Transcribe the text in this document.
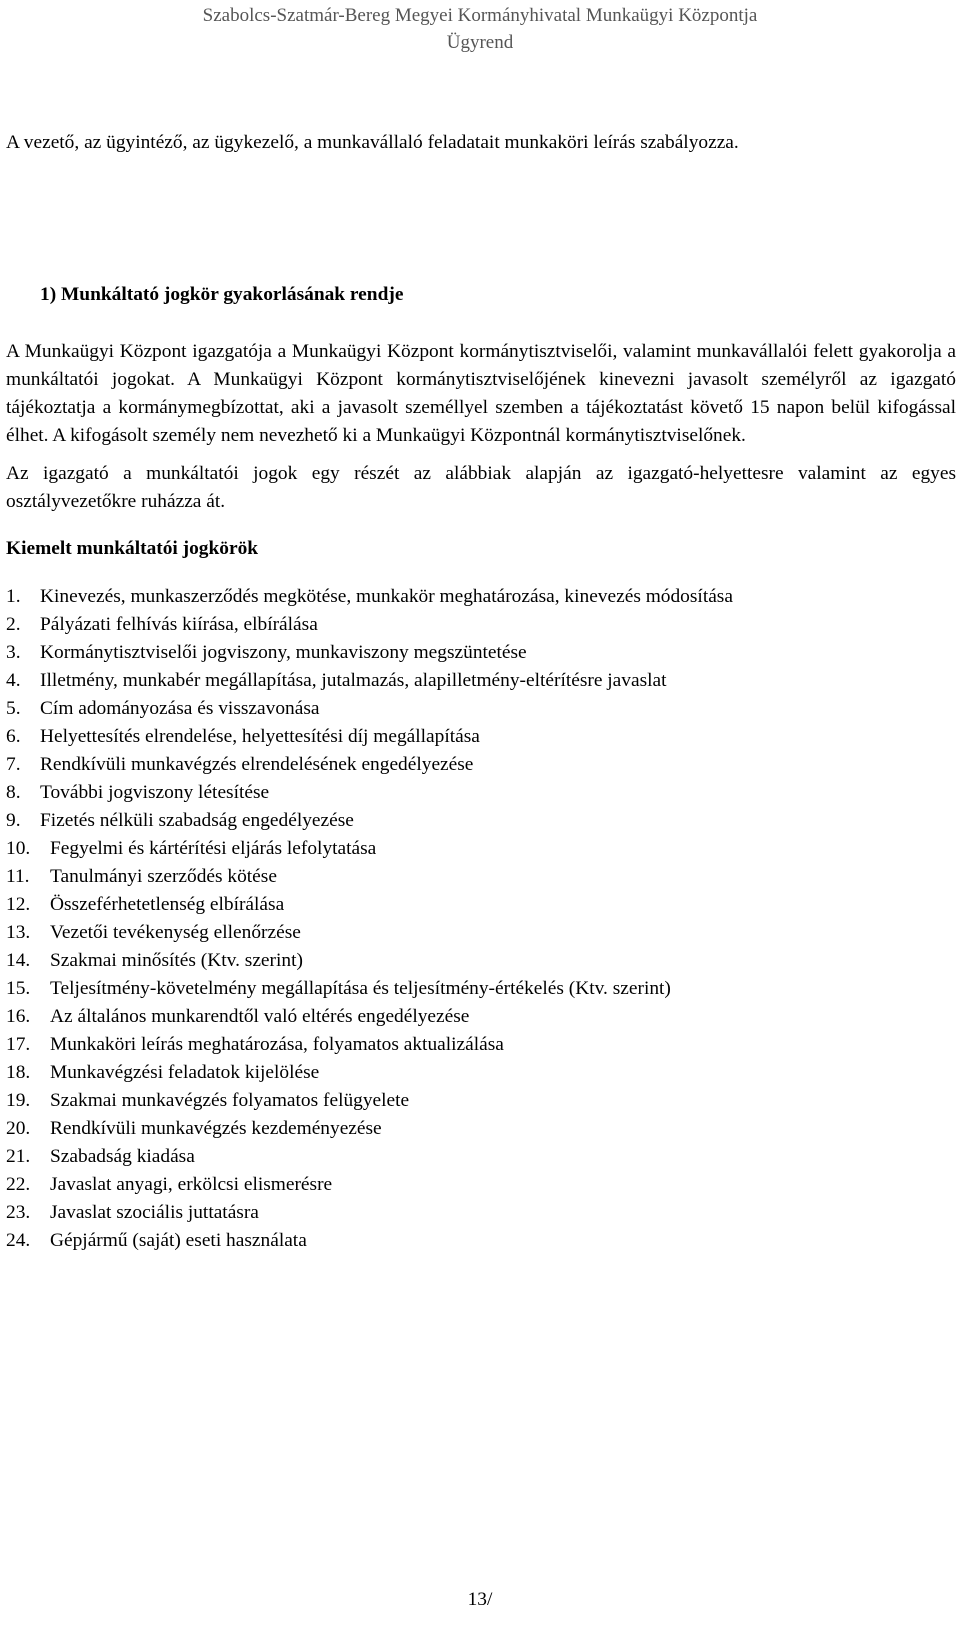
Szabolcs-Szatmár-Bereg Megyei Kormányhivatal Munkaügyi Központja
Ügyrend

A vezető, az ügyintéző, az ügykezelő, a munkavállaló feladatait munkaköri leírás szabályozza.

1) Munkáltató jogkör gyakorlásának rendje

A Munkaügyi Központ igazgatója a Munkaügyi Központ kormánytisztviselői, valamint munkavállalói felett gyakorolja a munkáltatói jogokat. A Munkaügyi Központ kormánytisztviselőjének kinevezni javasolt személyről az igazgató tájékoztatja a kormánymegbízottat, aki a javasolt személlyel szemben a tájékoztatást követő 15 napon belül kifogással élhet. A kifogásolt személy nem nevezhető ki a Munkaügyi Központnál kormánytisztviselőnek.

Az igazgató a munkáltatói jogok egy részét az alábbiak alapján az igazgató-helyettesre valamint az egyes osztályvezetőkre ruházza át.

Kiemelt munkáltatói jogkörök
1.	Kinevezés, munkaszerződés megkötése, munkakör meghatározása, kinevezés módosítása
2.	Pályázati felhívás kiírása, elbírálása
3.	Kormánytisztviselői jogviszony, munkaviszony megszüntetése
4.	Illetmény, munkabér megállapítása, jutalmazás, alapilletmény-eltérítésre javaslat
5.	Cím adományozása és visszavonása
6.	Helyettesítés elrendelése, helyettesítési díj megállapítása
7.	Rendkívüli munkavégzés elrendelésének engedélyezése
8.	További jogviszony létesítése
9.	Fizetés nélküli szabadság engedélyezése
10.	Fegyelmi és kártérítési eljárás lefolytatása
11.	Tanulmányi szerződés kötése
12.	Összeférhetetlenség elbírálása
13.	Vezetői tevékenység ellenőrzése
14.	Szakmai minősítés (Ktv. szerint)
15.	Teljesítmény-követelmény megállapítása és teljesítmény-értékelés (Ktv. szerint)
16.	Az általános munkarendtől való eltérés engedélyezése
17.	Munkaköri leírás meghatározása, folyamatos aktualizálása
18.	Munkavégzési feladatok kijelölése
19.	Szakmai munkavégzés folyamatos felügyelete
20.	Rendkívüli munkavégzés kezdeményezése
21.	Szabadság kiadása
22.	Javaslat anyagi, erkölcsi elismerésre
23.	Javaslat szociális juttatásra
24.	Gépjármű (saját) eseti használata
13/
